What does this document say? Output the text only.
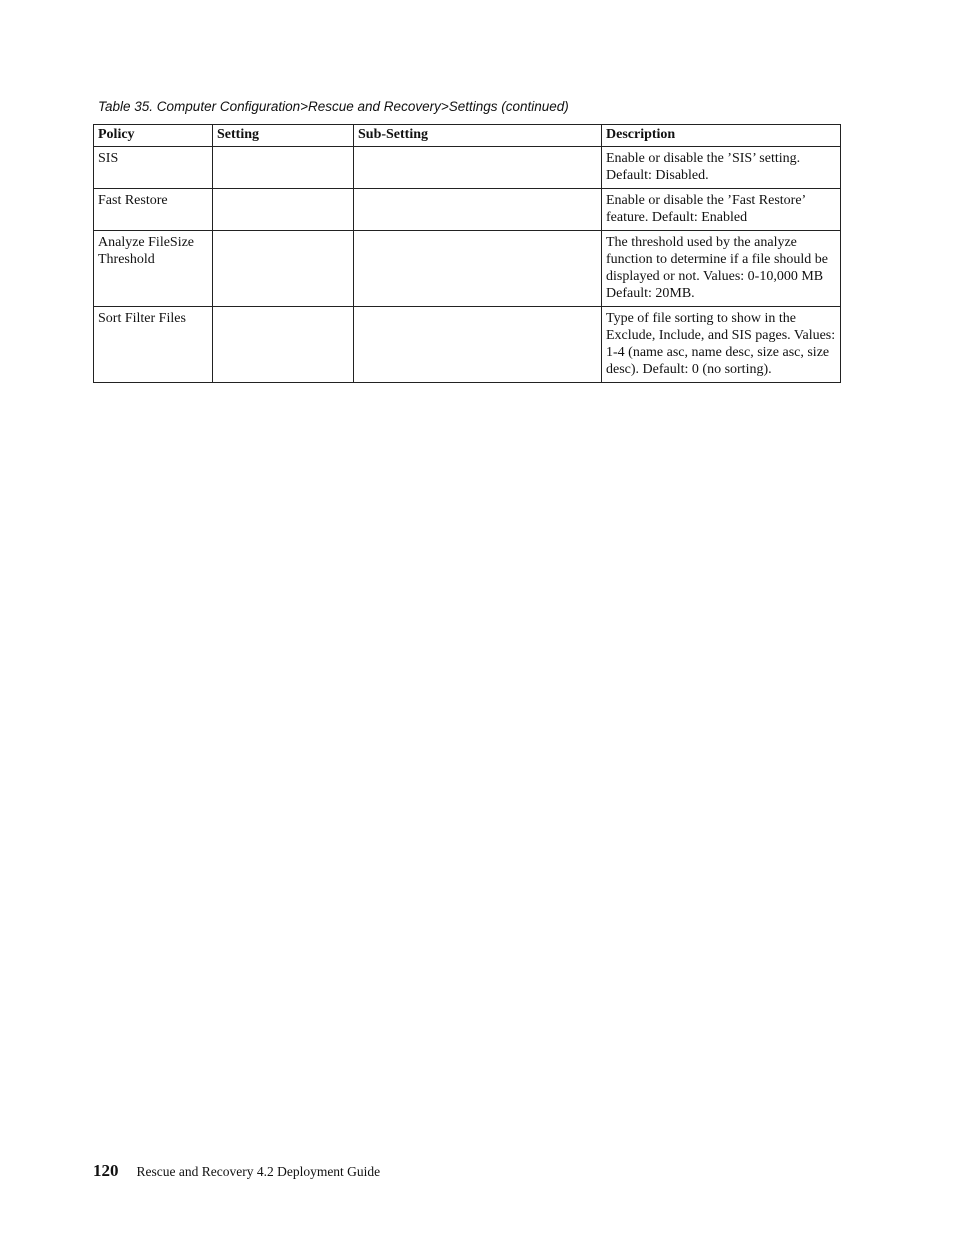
Table 35. Computer Configuration>Rescue and Recovery>Settings (continued)
Policy	Setting	Sub-Setting	Description
SIS			Enable or disable the ’SIS’ setting. Default: Disabled.
Fast Restore			Enable or disable the ’Fast Restore’ feature. Default: Enabled
Analyze FileSize Threshold			The threshold used by the analyze function to determine if a file should be displayed or not. Values: 0-10,000 MB Default: 20MB.
Sort Filter Files			Type of file sorting to show in the Exclude, Include, and SIS pages. Values: 1-4 (name asc, name desc, size asc, size desc). Default: 0 (no sorting).
120 Rescue and Recovery 4.2 Deployment Guide
